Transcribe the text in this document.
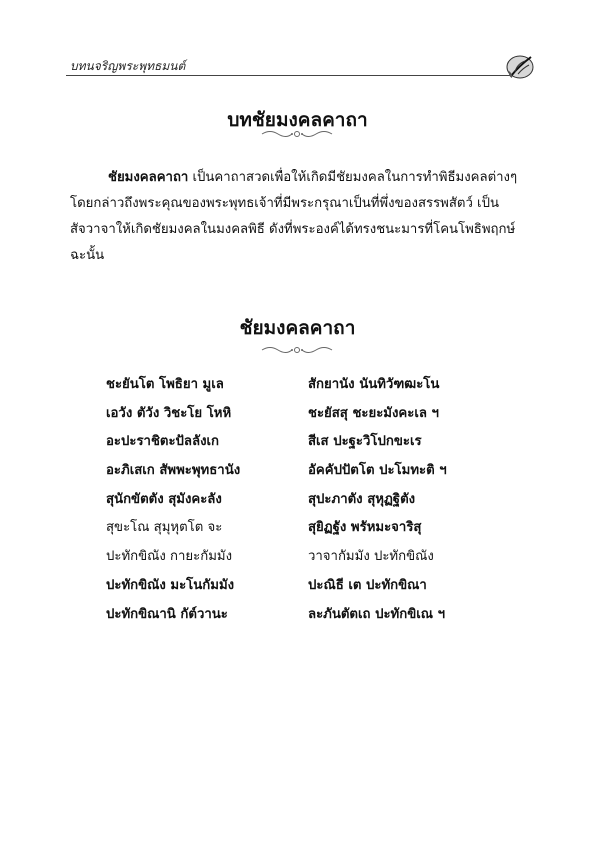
บทนจริญพระพุทธมนต์
บทชัยมงคลคาถา
ชัยมงคลคาถา เป็นคาถาสวดเพื่อให้เกิดมีชัยมงคลในการทำพิธีมงคลต่างๆ
โดยกล่าวถึงพระคุณของพระพุทธเจ้าที่มีพระกรุณาเป็นที่พึ่งของสรรพสัตว์ เป็น
สัจวาจาให้เกิดชัยมงคลในมงคลพิธี ดังที่พระองค์ได้ทรงชนะมารที่โคนโพธิพฤกษ์
ฉะนั้น
ชัยมงคลคาถา
ชะยันโต โพธิยา มูเล	สักยานัง นันทิวัฑฒะโน
เอวัง ตัวัง วิชะโย โหหิ	ชะยัสสุ ชะยะมังคะเล ฯ
อะปะราชิตะปัลลังเก	สีเส ปะฐะวิโปกขะเร
อะภิเสเก สัพพะพุทธานัง	อัคคัปปัตโต ปะโมทะติ ฯ
สุนักขัตตัง สุมังคะลัง	สุปะภาตัง สุหุฏฐิตัง
สุขะโณ สุมุหุตโต จะ	สุยิฏฐัง พรัหมะจาริสุ
ปะทักขิณัง กายะกัมมัง	วาจากัมมัง ปะทักขิณัง
ปะทักขิณัง มะโนกัมมัง	ปะณิธี เต ปะทักขิณา
ปะทักขิณานิ กัต์วานะ	ละภันตัตเถ ปะทักขิเณ ฯ
